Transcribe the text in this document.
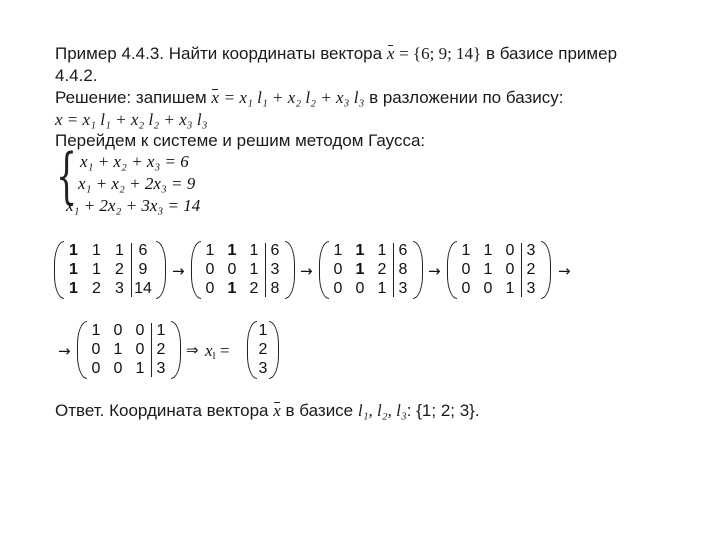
Пример 4.4.3. Найти координаты вектора x = {6; 9; 14} в базисе пример
4.4.2.
Решение: запишем x = x₁ l₁ + x₂ l₂ + x₃ l₃ в разложении по базису:
x = x₁ l₁ + x₂ l₂ + x₃ l₃
Перейдем к системе и решим методом Гаусса:
{ x₁ + x₂ + x₃ = 6
x₁ + x₂ + 2x₃ = 9
x₁ + 2x₂ + 3x₃ = 14
1 1 1 6
1 1 2 9
1 2 3 14
→
1 1 1 6
0 0 1 3
0 1 2 8
→
1 1 1 6
0 1 2 8
0 0 1 3
→
1 1 0 3
0 1 0 2
0 0 1 3
→
→
1 0 0 1
0 1 0 2
0 0 1 3
⇒ $x_l$ =
1
2
3
Ответ. Координата вектора x в базисе l₁, l₂, l₃: {1; 2; 3}.
